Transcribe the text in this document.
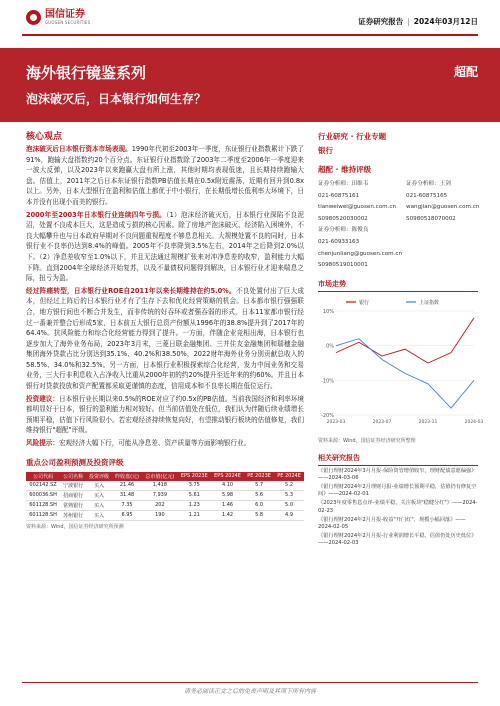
国信证券
GUOSEN SECURITIES	证券研究报告 | 2024年03月12日
海外银行镜鉴系列
泡沫破灭后，日本银行如何生存？
超配
核心观点

泡沫破灭后日本银行资本市场表现。1990年代初至2003年一季度，东证银行业指数累计下跌了91%，跑输大盘指数约20个百分点。东证银行业指数除了2003年二季度至2006年一季度迎来一波大反弹，以及2023年以来跑赢大盘有所上涨，其他时期均表现低迷，且长期持续跑输大盘。估值上，2011年之后日本东证银行指数PB估值长期在0.5x附近震荡，近期有回升到0.8x以上。另外，日本大型银行在盈利和估值上都优于中小银行，在长期低增长低利率大环境下，日本并没有出现小而美的银行。

2000年至2003年日本银行业连续四年亏损。（1）泡沫经济破灭后，日本银行业深陷不良泥沼，处置不良成本巨大，这是造成亏损的核心因素。除了房地产泡沫破灭、经济陷入困境外，不良大幅攀升也与日本政府早期对不良问题重视程度不够息息相关。大规模处置不良的同时，日本银行业不良率仍达到8.4%的峰值。2005年不良率降到3.5%左右，2014年之后降到2.0%以下。（2）净息差收窄至1.0%以下，并且无法通过规模扩张来对冲净息差的收窄，盈利能力大幅下降。直到2004年全球经济开始复苏，以及不量债权问题得到解决，日本银行业才迎来喘息之际，扭亏为盈。

经过阵痛转型，日本银行业ROE自2011年以来长期维持在约5.0%。不良处置付出了巨大成本，但经过上阵后的日本银行业才有了生存下去和优化经营策略的机会。日本都市银行强强联合，地方银行间也不断合并发生，而非传统的好吞环或者强吞弱的形式，日本11家都市银行经过一番兼并整合后形成5家，日本前五大银行总资产份额从1996年的38.8%提升到了2017年的64.4%。抗风险能力和综合化经营能力得到了提升。一方面，伴随企业竞相出海，日本银行也逐步加大了海外业务布局，2023年3月末，三菱日联金融集团、三井住友金融集团和瑞穗金融集团海外贷款占比分别达到35.1%、40.2%和38.50%，2022财年海外业务分别贡献总收入的58.5%、34.0%和32.5%。另一方面，日本银行业积极探索综合化经营，发力中间业务和交易业务，三大行非利息收入占净收入比重从2000年初的约20%提升至近年来的约60%。并且日本银行对贷款投放和资产配置都采取更谨慎的态度，信用成本和不良率长期在低位运行。

投资建议：日本银行业长期以来0.5%的ROE对应了约0.5x的PB估值。当前我国经济和利率环境都明显好于日本，银行的盈利能力相对较好。但当前估值处在低位，我们认为伴随后续业绩增长预期平稳，估值下行风险很小。若宏观经济持续恢复向好，有望推动银行板块的估值修复，我们维持银行"超配"评级。

风险提示：宏观经济大幅下行，可能从净息差、资产质量等方面影响银行业。

重点公司盈利预测及投资评级
公司代码	公司名称	投资评级	昨收盘(元)	总市值(亿元)	EPS 2023E	EPS 2024E	PE 2023E	PE 2024E
002142.SZ	宁波银行	买入	21.46	1,418	3.75	4.10	5.7	5.2
600036.SH	招商银行	买入	31.48	7,939	5.61	5.98	5.6	5.3
601128.SH	常熟银行	买入	7.35	202	1.23	1.46	6.0	5.0
601128.SH	苏州银行	买入	6.95	190	1.21	1.42	5.8	4.9
资料来源：Wind，国信证券经济研究所预测
行业研究 · 行业专题
银行
超配 · 维持评级
证券分析师：田维韦	证券分析师：王剑
021-60875161	021-60875165
tianweiwei@guosen.com.cn	wangjian@guosen.com.cn
S0980520030002	S0980518070002
证券分析师：陈俊良
021-60933163
chenjunliang@guosen.com.cn
S0980519010001
市场走势
-20%
-10%
0%
10%
2023-03	2023-07	2023-11	2024-03
银行	上证指数
资料来源：Wind，国信证券经济研究所整理
相关研究报告
《银行理财2024年3月月报-保险资管增值收窄，理财配债意愿偏强》——2024-03-06
《银行理财2024年2月理财月报-业绩增长预期平稳，估值仍有修复空间》——2024-02-01
《2023年度零售息点评-业绩平稳，关注板块"稳健分红"》——2024-02-23
《银行理财2024年2月月报-收益"开门红"，规模小幅回落》——2024-02-05
《银行理财2024年2月月报-行业利润增长平稳，估值仍处历史低位》——2024-02-03
请务必阅读正文之后的免责声明及其项下所有内容
